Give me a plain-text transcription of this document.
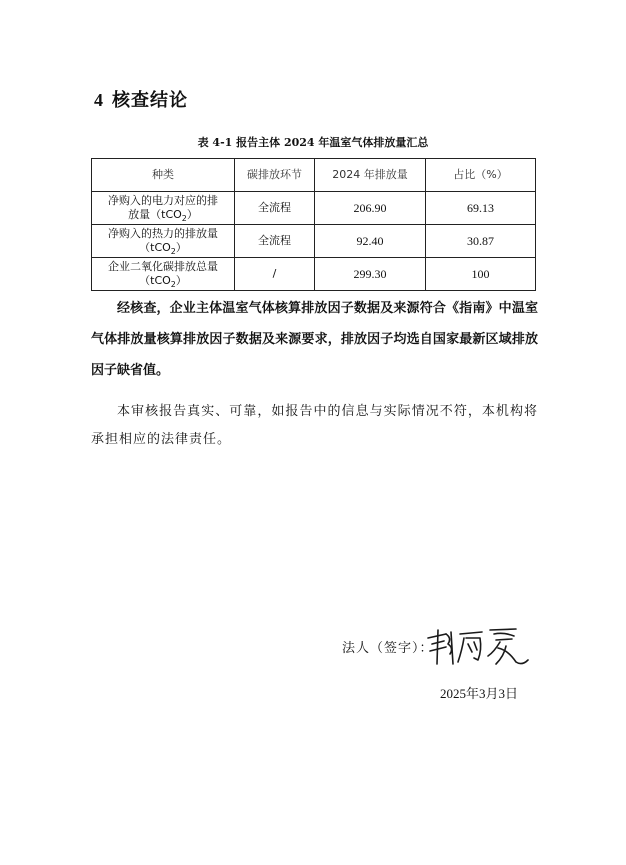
4 核查结论
表 4-1 报告主体 2024 年温室气体排放量汇总
种类	碳排放环节	2024 年排放量	占比（%）
净购入的电力对应的排
放量（tCO$_2$）	全流程	206.90	69.13
净购入的热力的排放量
（tCO$_2$）	全流程	92.40	30.87
企业二氧化碳排放总量
（tCO$_2$）	/	299.30	100
经核查，企业主体温室气体核算排放因子数据及来源符合《指南》中温室气体排放量核算排放因子数据及来源要求，排放因子均选自国家最新区域排放因子缺省值。
本审核报告真实、可靠，如报告中的信息与实际情况不符，本机构将承担相应的法律责任。
法人（签字）：
2025年3月3日
